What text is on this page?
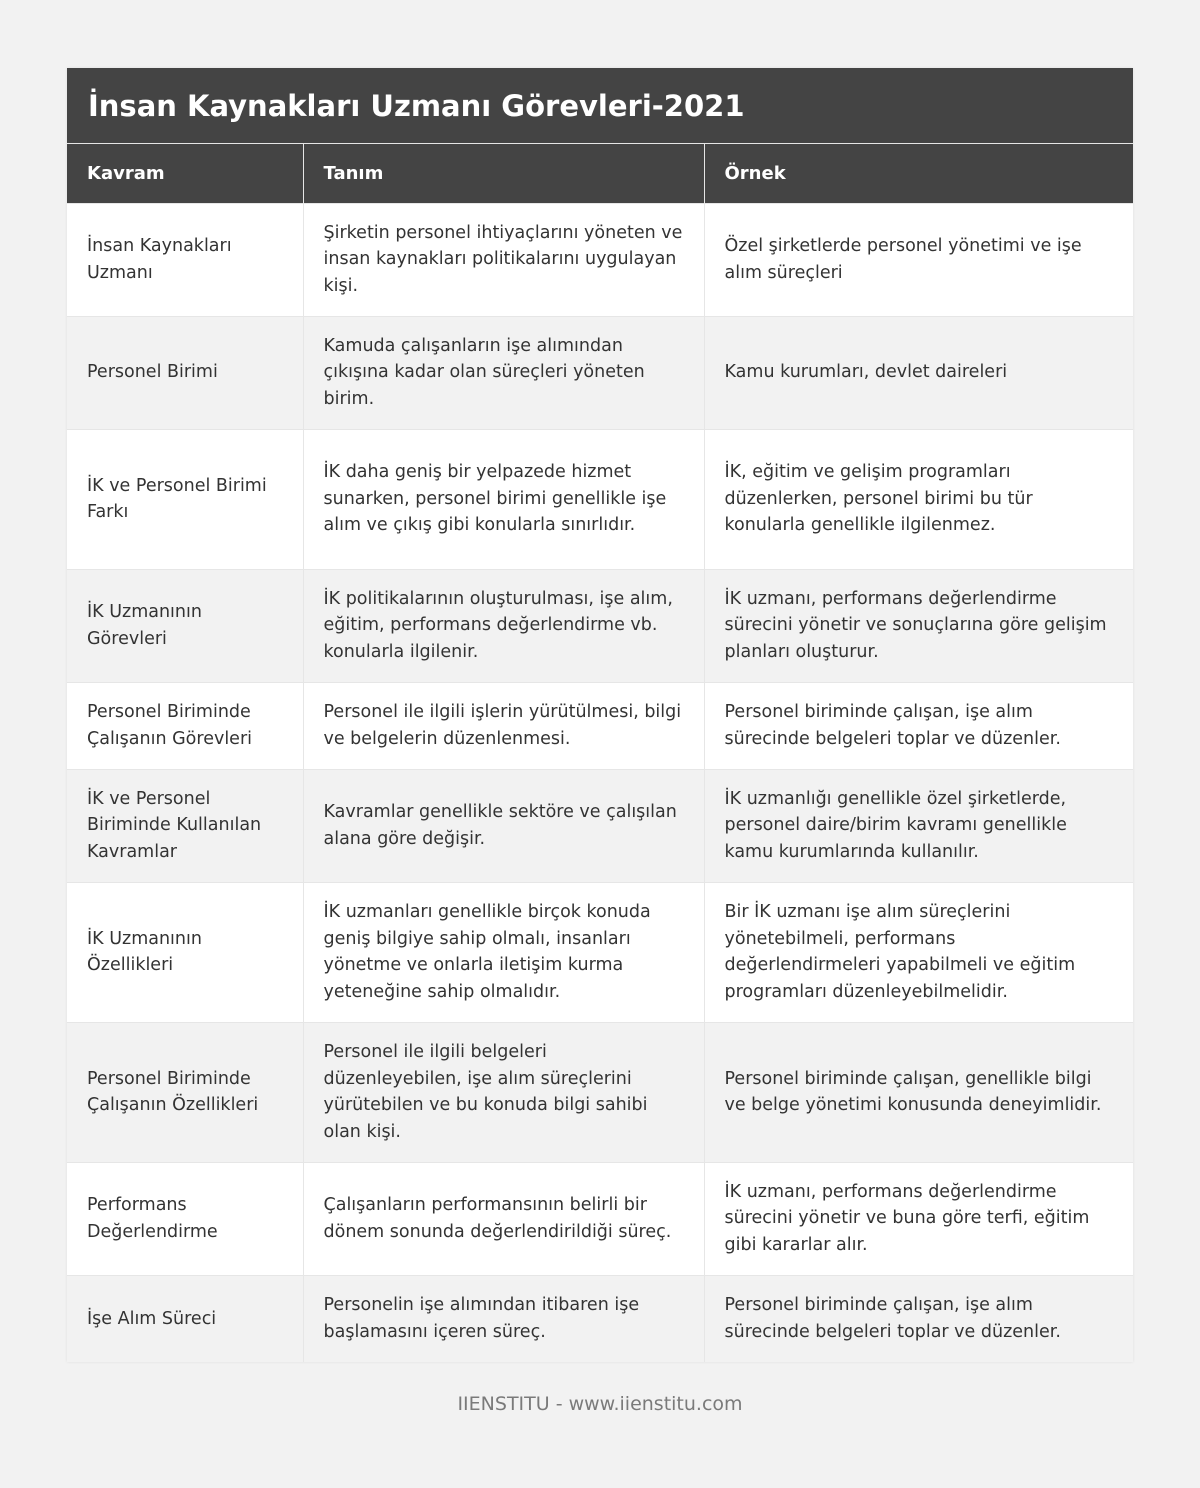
İnsan Kaynakları Uzmanı Görevleri-2021
Kavram	Tanım	Örnek
İnsan Kaynakları Uzmanı	Şirketin personel ihtiyaçlarını yöneten ve insan kaynakları politikalarını uygulayan kişi.	Özel şirketlerde personel yönetimi ve işe alım süreçleri
Personel Birimi	Kamuda çalışanların işe alımından çıkışına kadar olan süreçleri yöneten birim.	Kamu kurumları, devlet daireleri
İK ve Personel Birimi Farkı	İK daha geniş bir yelpazede hizmet sunarken, personel birimi genellikle işe alım ve çıkış gibi konularla sınırlıdır.	İK, eğitim ve gelişim programları düzenlerken, personel birimi bu tür konularla genellikle ilgilenmez.
İK Uzmanının Görevleri	İK politikalarının oluşturulması, işe alım, eğitim, performans değerlendirme vb. konularla ilgilenir.	İK uzmanı, performans değerlendirme sürecini yönetir ve sonuçlarına göre gelişim planları oluşturur.
Personel Biriminde Çalışanın Görevleri	Personel ile ilgili işlerin yürütülmesi, bilgi ve belgelerin düzenlenmesi.	Personel biriminde çalışan, işe alım sürecinde belgeleri toplar ve düzenler.
İK ve Personel Biriminde Kullanılan Kavramlar	Kavramlar genellikle sektöre ve çalışılan alana göre değişir.	İK uzmanlığı genellikle özel şirketlerde, personel daire/birim kavramı genellikle kamu kurumlarında kullanılır.
İK Uzmanının Özellikleri	İK uzmanları genellikle birçok konuda geniş bilgiye sahip olmalı, insanları yönetme ve onlarla iletişim kurma yeteneğine sahip olmalıdır.	Bir İK uzmanı işe alım süreçlerini yönetebilmeli, performans değerlendirmeleri yapabilmeli ve eğitim programları düzenleyebilmelidir.
Personel Biriminde Çalışanın Özellikleri	Personel ile ilgili belgeleri düzenleyebilen, işe alım süreçlerini yürütebilen ve bu konuda bilgi sahibi olan kişi.	Personel biriminde çalışan, genellikle bilgi ve belge yönetimi konusunda deneyimlidir.
Performans Değerlendirme	Çalışanların performansının belirli bir dönem sonunda değerlendirildiği süreç.	İK uzmanı, performans değerlendirme sürecini yönetir ve buna göre terfi, eğitim gibi kararlar alır.
İşe Alım Süreci	Personelin işe alımından itibaren işe başlamasını içeren süreç.	Personel biriminde çalışan, işe alım sürecinde belgeleri toplar ve düzenler.
IIENSTITU - www.iienstitu.com
